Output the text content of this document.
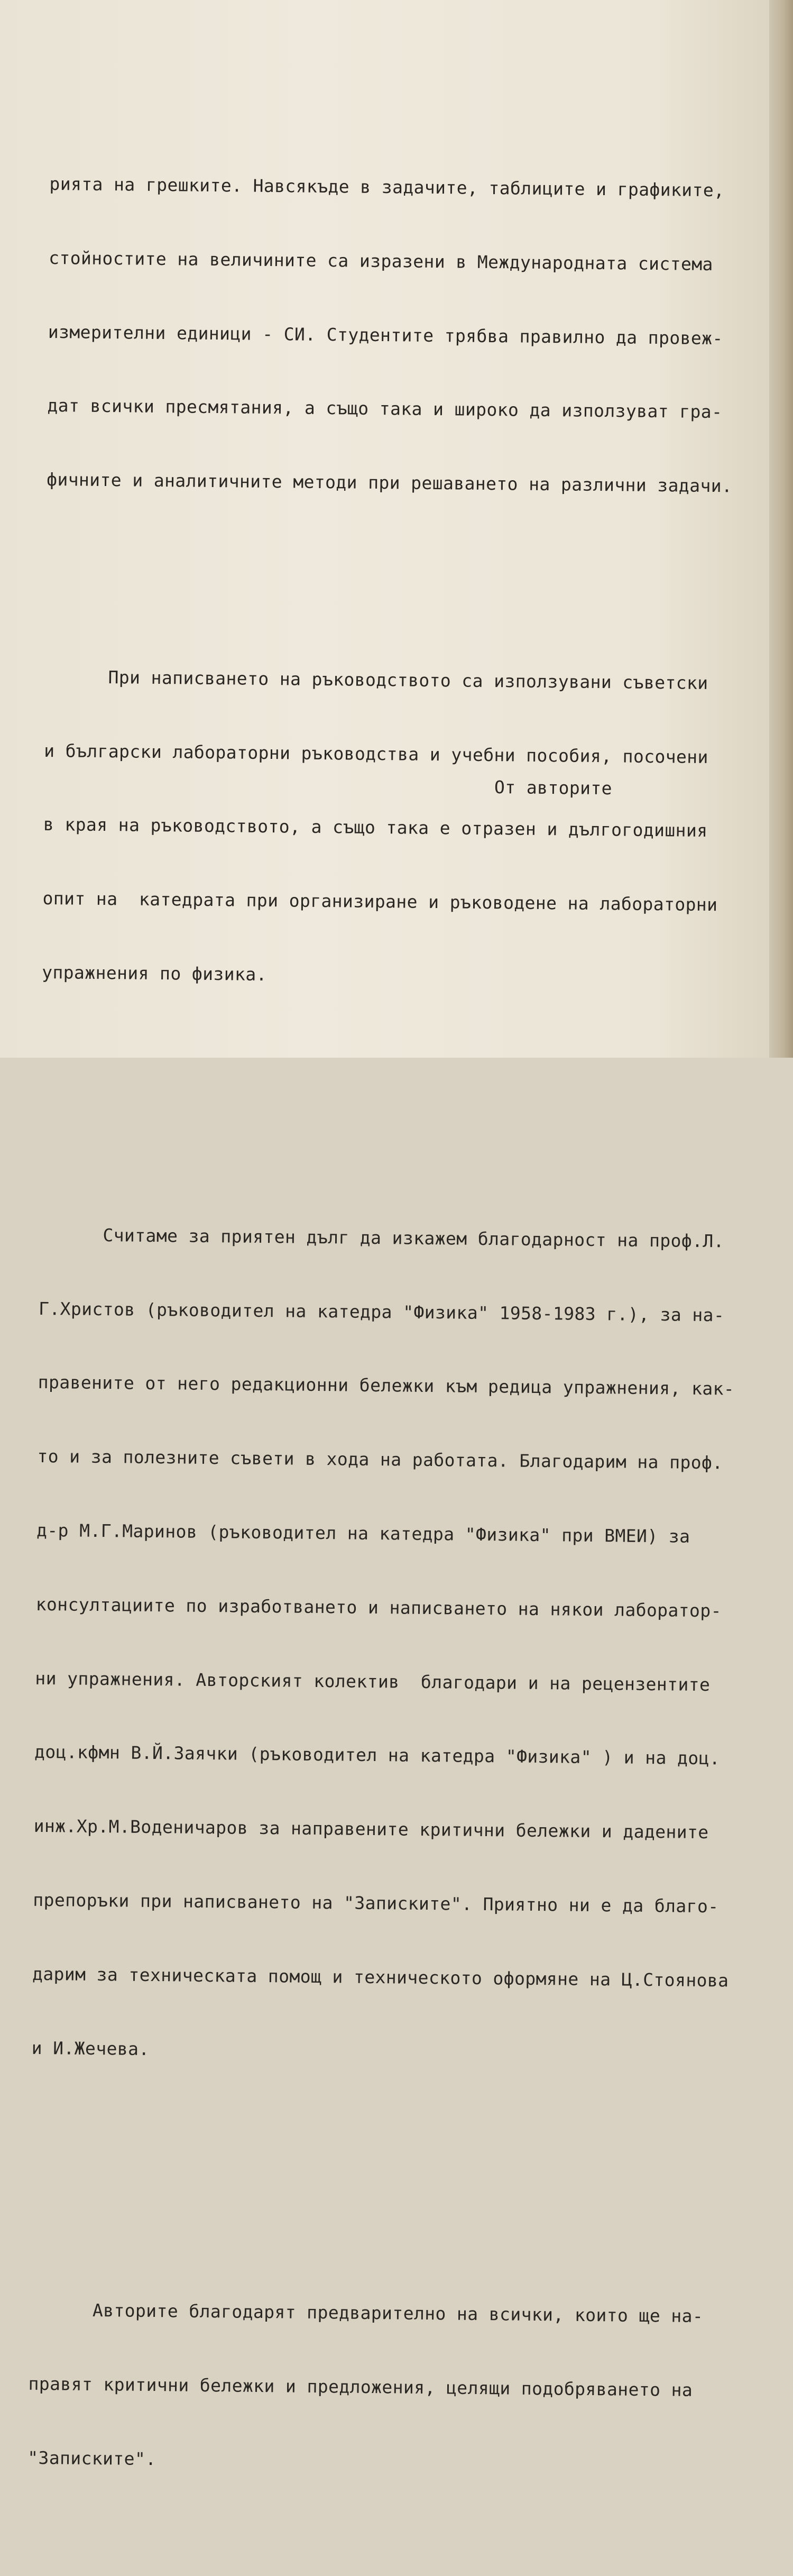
рията на грешките. Навсякъде в задачите, таблиците и графиките,

стойностите на величините са изразени в Международната система

измерителни единици - СИ. Студентите трябва правилно да провеж-

дат всички пресмятания, а също така и широко да използуват гра-

фичните и аналитичните методи при решаването на различни задачи.

При написването на ръководството са използувани съветски

и български лабораторни ръководства и учебни пособия, посочени

в края на ръководството, а също така е отразен и дългогодишния

опит на  катедрата при организиране и ръководене на лабораторни

упражнения по физика.

Считаме за приятен дълг да изкажем благодарност на проф.Л.

Г.Христов (ръководител на катедра "Физика" 1958-1983 г.), за на-

правените от него редакционни бележки към редица упражнения, как-

то и за полезните съвети в хода на работата. Благодарим на проф.

д-р М.Г.Маринов (ръководител на катедра "Физика" при ВМЕИ) за

консултациите по изработването и написването на някои лаборатор-

ни упражнения. Авторският колектив  благодари и на рецензентите

доц.кфмн В.Й.Заячки (ръководител на катедра "Физика" ) и на доц.

инж.Хр.М.Воденичаров за направените критични бележки и дадените

препоръки при написването на "Записките". Приятно ни е да благо-

дарим за техническата помощ и техническото оформяне на Ц.Стоянова

и И.Жечева.

Авторите благодарят предварително на всички, които ще на-

правят критични бележки и предложения, целящи подобряването на

"Записките".

От авторите
